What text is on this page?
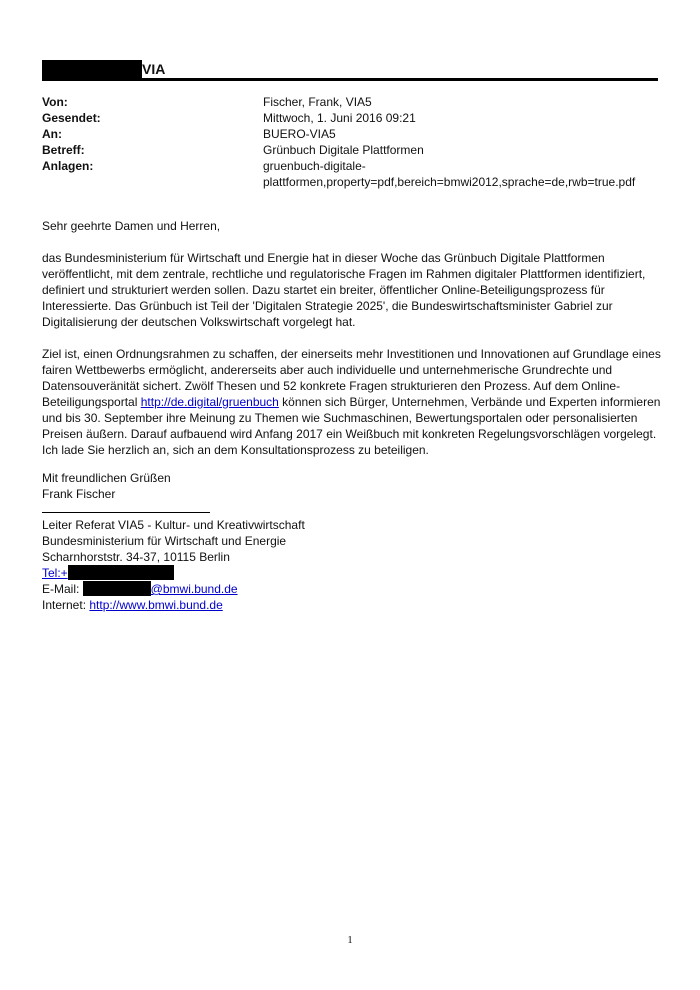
VIA
Von:	Fischer, Frank, VIA5
Gesendet:	Mittwoch, 1. Juni 2016 09:21
An:	BUERO-VIA5
Betreff:	Grünbuch Digitale Plattformen
Anlagen:	gruenbuch-digitale-
plattformen,property=pdf,bereich=bmwi2012,sprache=de,rwb=true.pdf

Sehr geehrte Damen und Herren,

das Bundesministerium für Wirtschaft und Energie hat in dieser Woche das Grünbuch Digitale Plattformen veröffentlicht, mit dem zentrale, rechtliche und regulatorische Fragen im Rahmen digitaler Plattformen identifiziert, definiert und strukturiert werden sollen. Dazu startet ein breiter, öffentlicher Online-Beteiligungsprozess für Interessierte. Das Grünbuch ist Teil der 'Digitalen Strategie 2025', die Bundeswirtschaftsminister Gabriel zur Digitalisierung der deutschen Volkswirtschaft vorgelegt hat.

Ziel ist, einen Ordnungsrahmen zu schaffen, der einerseits mehr Investitionen und Innovationen auf Grundlage eines fairen Wettbewerbs ermöglicht, andererseits aber auch individuelle und unternehmerische Grundrechte und Datensouveränität sichert. Zwölf Thesen und 52 konkrete Fragen strukturieren den Prozess. Auf dem Online-Beteiligungsportal http://de.digital/gruenbuch können sich Bürger, Unternehmen, Verbände und Experten informieren und bis 30. September ihre Meinung zu Themen wie Suchmaschinen, Bewertungsportalen oder personalisierten Preisen äußern. Darauf aufbauend wird Anfang 2017 ein Weißbuch mit konkreten Regelungsvorschlägen vorgelegt. Ich lade Sie herzlich an, sich an dem Konsultationsprozess zu beteiligen.

Mit freundlichen Grüßen
Frank Fischer
Leiter Referat VIA5 - Kultur- und Kreativwirtschaft
Bundesministerium für Wirtschaft und Energie
Scharnhorststr. 34-37, 10115 Berlin
Tel:+
E-Mail:	@bmwi.bund.de
Internet: http://www.bmwi.bund.de
1
